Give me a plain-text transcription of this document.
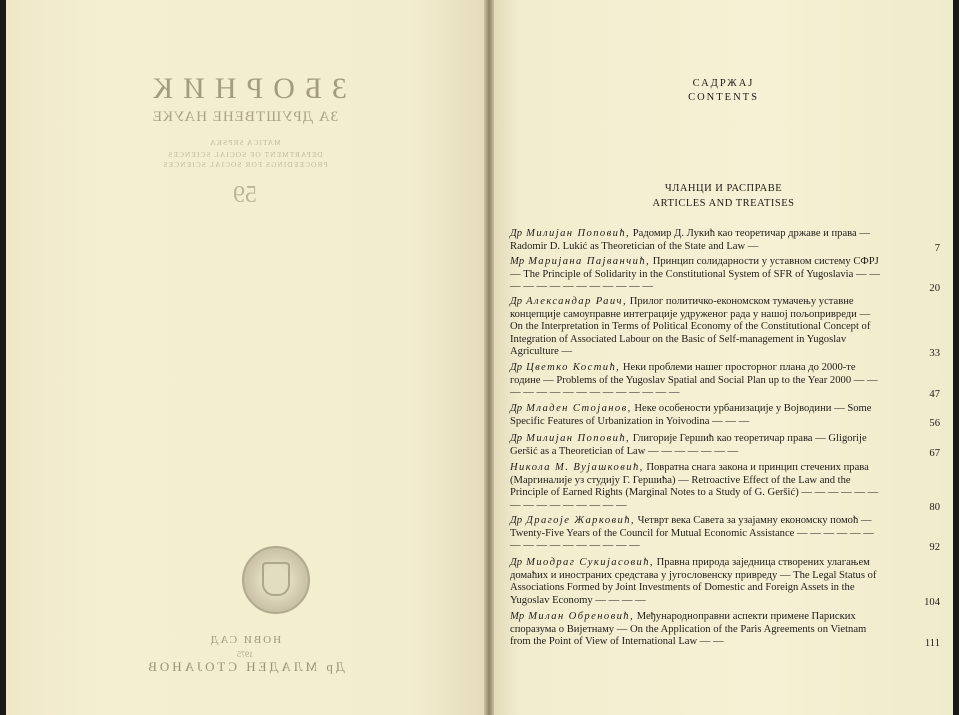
ЗБОРНИК
ЗА ДРУШТВЕНЕ НАУКЕ
MATICA SRPSKA
DEPARTMENT OF SOCIAL SCIENCES
PROCEEDINGS FOR SOCIAL SCIENCES
59
НОВИ САД
1975
Др МЛАДЕН СТОЈАНОВ
САДРЖАЈ
CONTENTS
ЧЛАНЦИ И РАСПРАВЕ
ARTICLES AND TREATISES
Др Милијан Поповић, Радомир Д. Лукић као теоретичар државе и права — Radomir D. Lukić as Theoretician of the State and Law —	7
Мр Маријана Пајванчић, Принцип солидарности у уставном систему СФРЈ — The Principle of Solidarity in the Constitutional System of SFR of Yugoslavia — — — — — — — — — — — — —	20
Др Александар Раич, Прилог политичко-економском тумачењу уставне концепције самоуправне интеграције удруженог рада у нашој пољопривреди — On the Interpretation in Terms of Political Economy of the Constitutional Concept of Integration of Associated Labour on the Basic of Self-management in Yugoslav Agriculture —	33
Др Цветко Костић, Неки проблеми нашег просторног плана до 2000-те године — Problems of the Yugoslav Spatial and Social Plan up to the Year 2000 — — — — — — — — — — — — — — —	47
Др Младен Стојанов, Неке особености урбанизације у Војводини — Some Specific Features of Urbanization in Yoivodina — — —	56
Др Милијан Поповић, Глигорије Гершић као теоретичар права — Gligorije Geršić as a Theoretician of Law — — — — — — —	67
Никола М. Вујашковић, Повратна снага закона и принцип стечених права (Маргиналије уз студију Г. Гершића) — Retroactive Effect of the Law and the Principle of Earned Rights (Marginal Notes to a Study of G. Geršić) — — — — — — — — — — — — — — —	80
Др Драгоје Жарковић, Четврт века Савета за узајамну економску помоћ — Twenty-Five Years of the Council for Mutual Economic Assistance — — — — — — — — — — — — — — — —	92
Др Миодраг Сукијасовић, Правна природа заједница створених улагањем домаћих и иностраних средстава у југословенску привреду — The Legal Status of Associations Formed by Joint Investments of Domestic and Foreign Assets in the Yugoslav Economy — — — —	104
Мр Милан Обреновић, Међународноправни аспекти примене Париских споразума о Вијетнаму — On the Application of the Paris Agreements on Vietnam from the Point of View of International Law — —	111
